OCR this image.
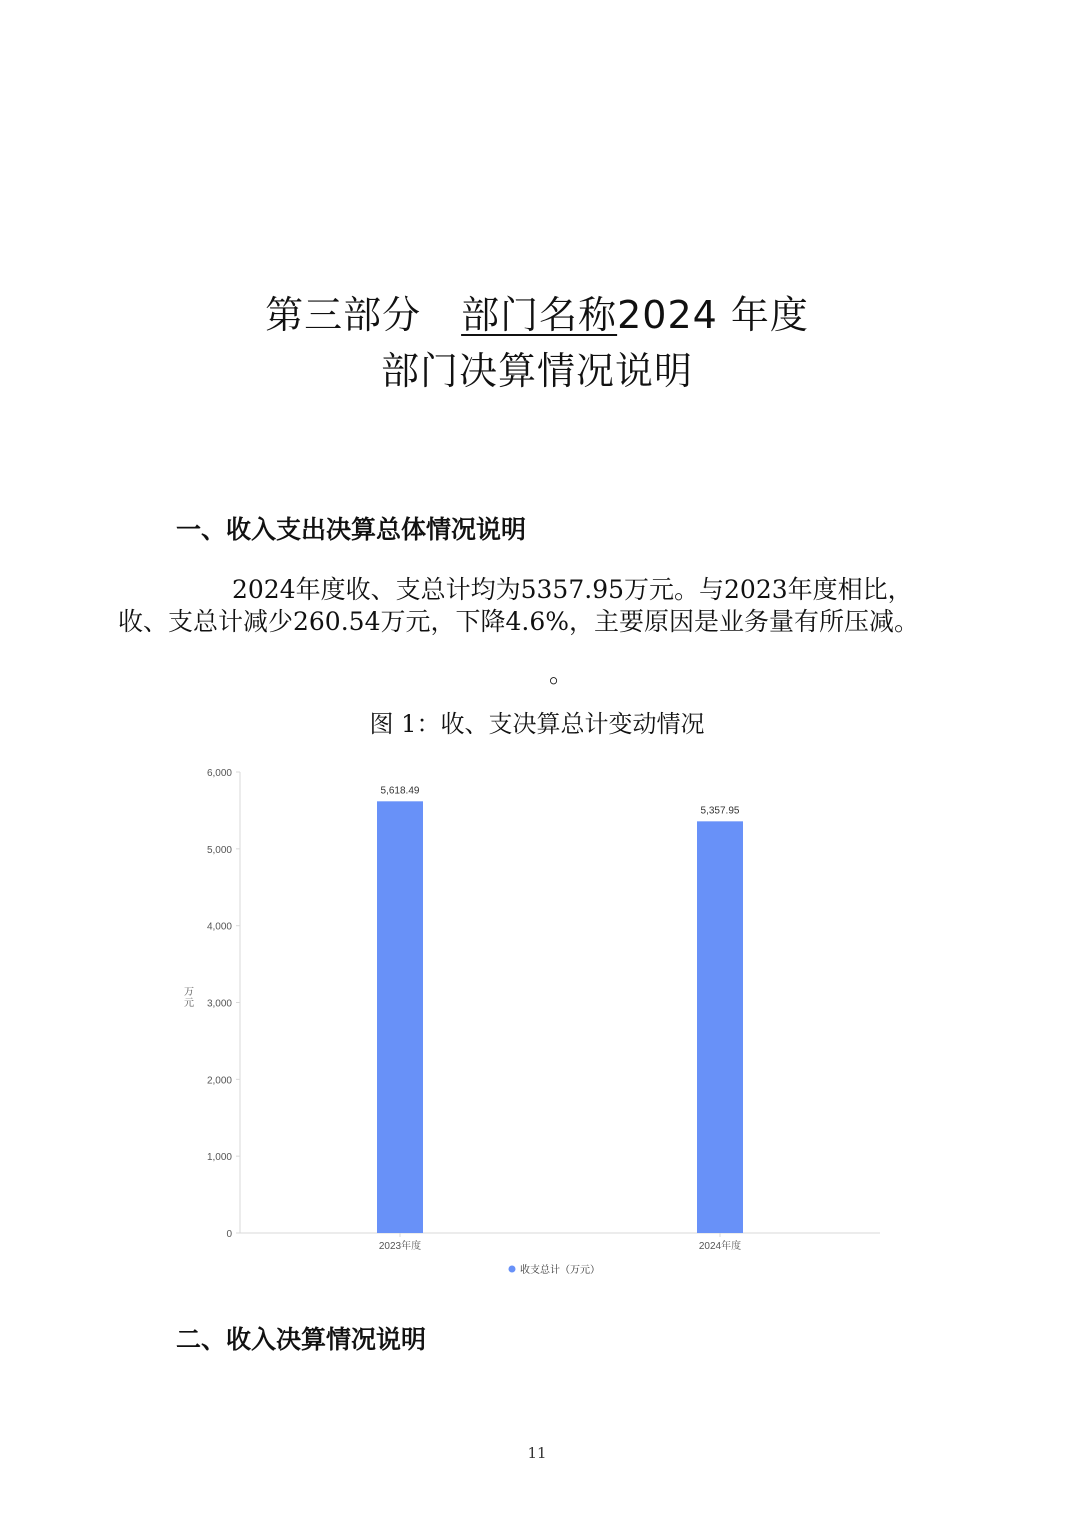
第三部分 部门名称2024 年度
部门决算情况说明
一、收入支出决算总体情况说明
2024年度收、支总计均为5357.95万元。与2023年度相比，
收、支总计减少260.54万元，下降4.6%，主要原因是业务量有所压减。
。
图 1：收、支决算总计变动情况
0
1,000
2,000
3,000
4,000
5,000
6,000
万
元
5,618.49
2023年度
5,357.95
2024年度
收支总计（万元）
二、收入决算情况说明
11
